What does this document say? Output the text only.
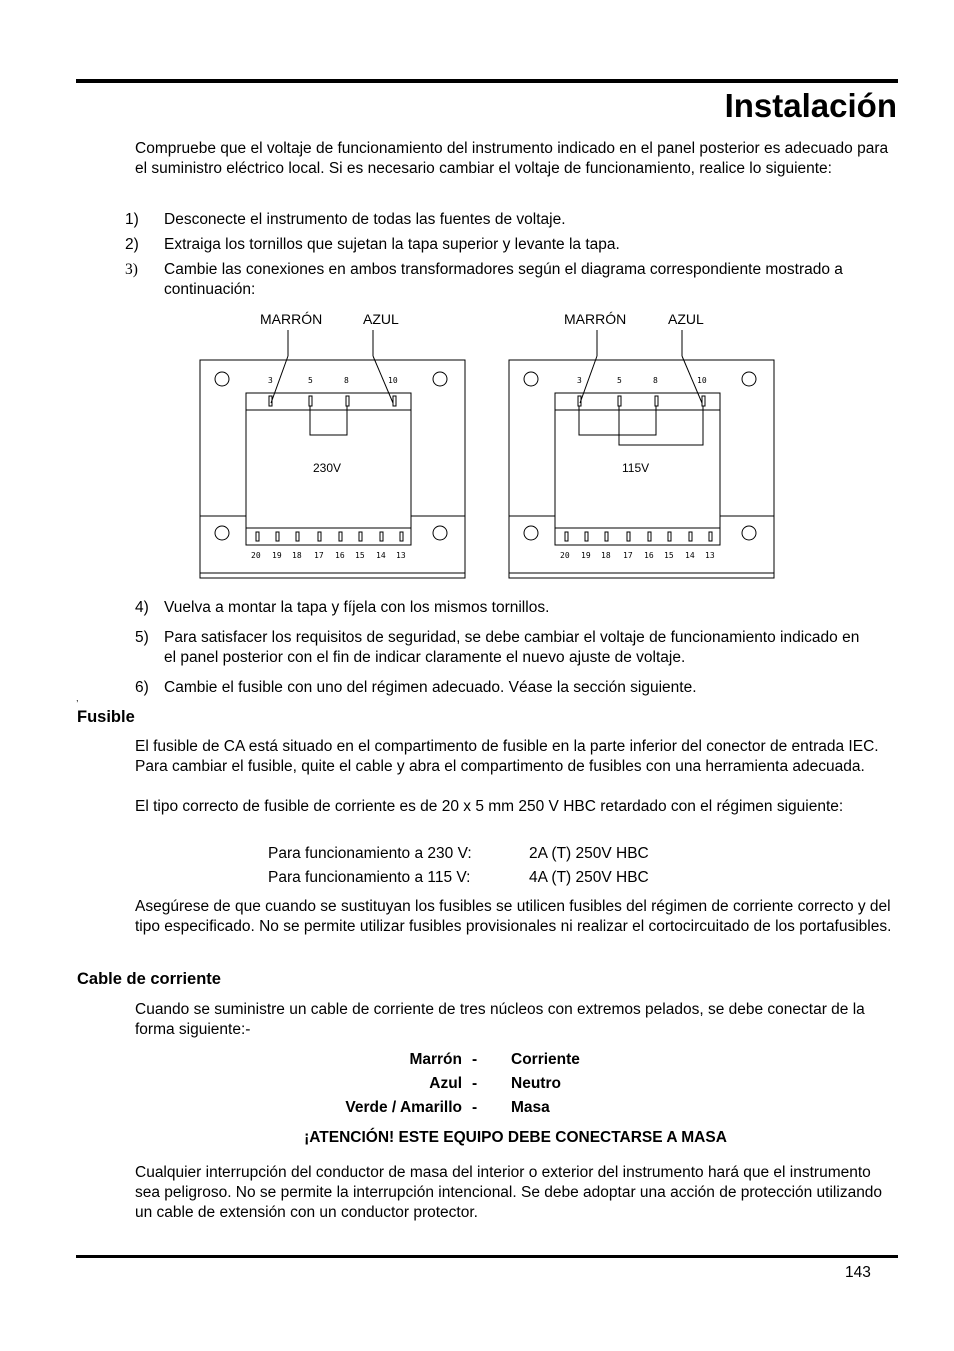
Instalación
Compruebe que el voltaje de funcionamiento del instrumento indicado en el panel posterior es adecuado para el suministro eléctrico local. Si es necesario cambiar el voltaje de funcionamiento, realice lo siguiente:
1)	Desconecte el instrumento de todas las fuentes de voltaje.
2)	Extraiga los tornillos que sujetan la tapa superior y levante la tapa.
3)	Cambie las conexiones en ambos transformadores según el diagrama correspondiente mostrado a continuación:
MARRÓN	AZUL
3	5	8	10
230V
20 19 18 17 16 15 14 13
MARRÓN	AZUL
3	5	8	10
115V
20 19 18 17 16 15 14 13
4) Vuelva a montar la tapa y fíjela con los mismos tornillos.
5) Para satisfacer los requisitos de seguridad, se debe cambiar el voltaje de funcionamiento indicado en el panel posterior con el fin de indicar claramente el nuevo ajuste de voltaje.
,
6) Cambie el fusible con uno del régimen adecuado. Véase la sección siguiente.
Fusible
El fusible de CA está situado en el compartimento de fusible en la parte inferior del conector de entrada IEC. Para cambiar el fusible, quite el cable y abra el compartimento de fusibles con una herramienta adecuada.
El tipo correcto de fusible de corriente es de 20 x 5 mm 250 V HBC retardado con el régimen siguiente:
Para funcionamiento a 230 V:	2A (T) 250V HBC
Para funcionamiento a 115 V:	4A (T) 250V HBC
Asegúrese de que cuando se sustituyan los fusibles se utilicen fusibles del régimen de corriente correcto y del tipo especificado. No se permite utilizar fusibles provisionales ni realizar el cortocircuitado de los portafusibles.
Cable de corriente
Cuando se suministre un cable de corriente de tres núcleos con extremos pelados, se debe conectar de la forma siguiente:-
Marrón - Corriente
Azul - Neutro
Verde / Amarillo - Masa
¡ATENCIÓN! ESTE EQUIPO DEBE CONECTARSE A MASA
Cualquier interrupción del conductor de masa del interior o exterior del instrumento hará que el instrumento sea peligroso. No se permite la interrupción intencional. Se debe adoptar una acción de protección utilizando un cable de extensión con un conductor protector.
143
